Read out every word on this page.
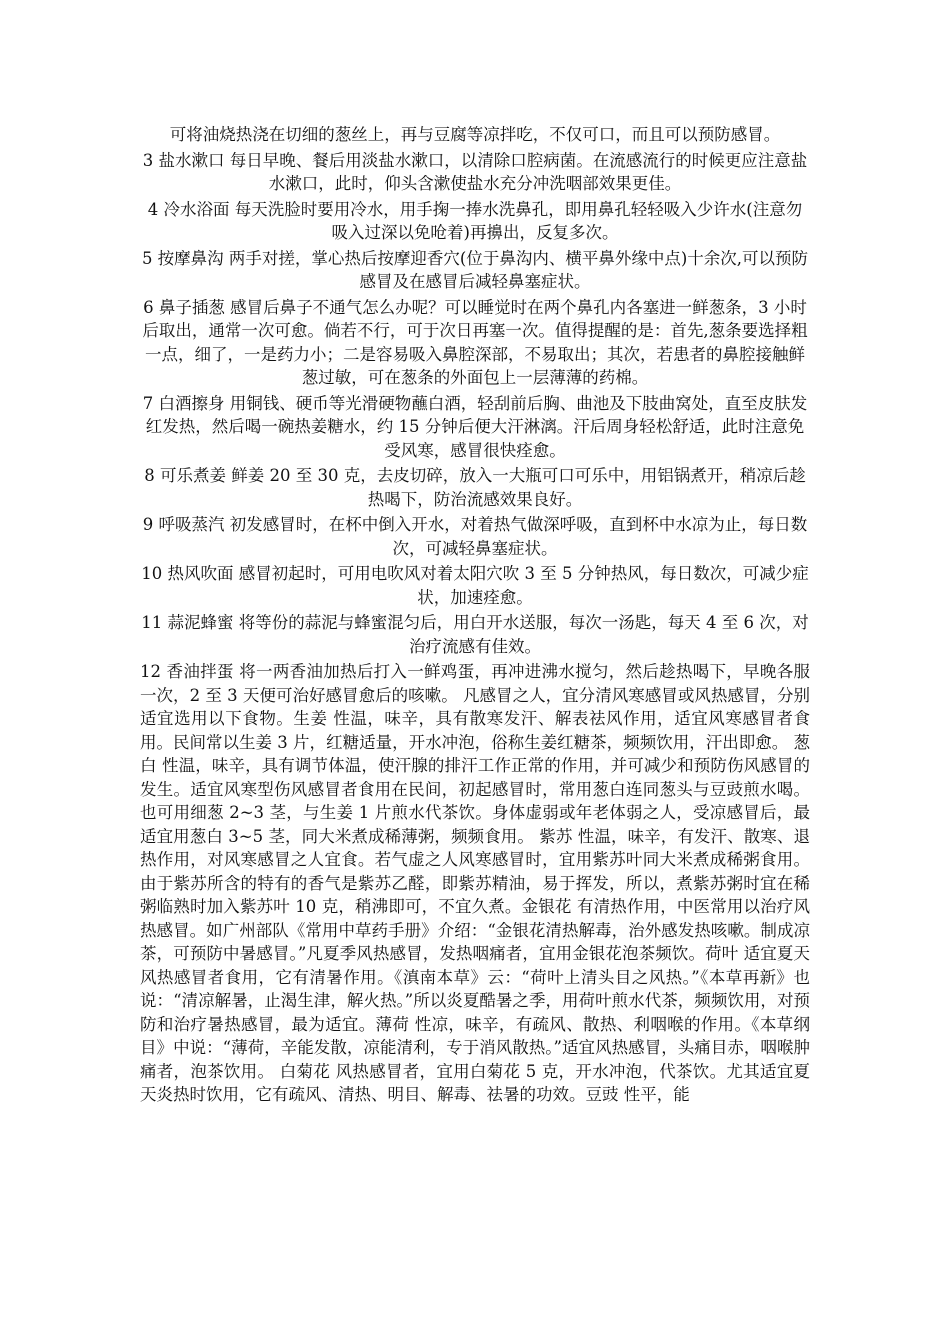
可将油烧热浇在切细的葱丝上，再与豆腐等凉拌吃，不仅可口，而且可以预防感冒。

3 盐水漱口 每日早晚、餐后用淡盐水漱口，以清除口腔病菌。在流感流行的时候更应注意盐水漱口，此时，仰头含漱使盐水充分冲洗咽部效果更佳。

4 冷水浴面 每天洗脸时要用冷水，用手掬一捧水洗鼻孔，即用鼻孔轻轻吸入少许水(注意勿吸入过深以免呛着)再擤出，反复多次。

5 按摩鼻沟 两手对搓，掌心热后按摩迎香穴(位于鼻沟内、横平鼻外缘中点)十余次,可以预防感冒及在感冒后减轻鼻塞症状。

6 鼻子插葱 感冒后鼻子不通气怎么办呢？可以睡觉时在两个鼻孔内各塞进一鲜葱条，3 小时后取出，通常一次可愈。倘若不行，可于次日再塞一次。值得提醒的是：首先,葱条要选择粗一点，细了，一是药力小；二是容易吸入鼻腔深部，不易取出；其次，若患者的鼻腔接触鲜葱过敏，可在葱条的外面包上一层薄薄的药棉。

7 白酒擦身 用铜钱、硬币等光滑硬物蘸白酒，轻刮前后胸、曲池及下肢曲窝处，直至皮肤发红发热，然后喝一碗热姜糖水，约 15 分钟后便大汗淋漓。汗后周身轻松舒适，此时注意免受风寒，感冒很快痊愈。

8 可乐煮姜 鲜姜 20 至 30 克，去皮切碎，放入一大瓶可口可乐中，用铝锅煮开，稍凉后趁热喝下，防治流感效果良好。

9 呼吸蒸汽 初发感冒时，在杯中倒入开水，对着热气做深呼吸，直到杯中水凉为止，每日数次，可减轻鼻塞症状。

10 热风吹面 感冒初起时，可用电吹风对着太阳穴吹 3 至 5 分钟热风，每日数次，可减少症状，加速痊愈。

11 蒜泥蜂蜜 将等份的蒜泥与蜂蜜混匀后，用白开水送服，每次一汤匙，每天 4 至 6 次，对治疗流感有佳效。

12 香油拌蛋 将一两香油加热后打入一鲜鸡蛋，再冲进沸水搅匀，然后趁热喝下，早晚各服一次，2 至 3 天便可治好感冒愈后的咳嗽。 凡感冒之人，宜分清风寒感冒或风热感冒，分别适宜选用以下食物。生姜 性温，味辛，具有散寒发汗、解表祛风作用，适宜风寒感冒者食用。民间常以生姜 3 片，红糖适量，开水冲泡，俗称生姜红糖茶，频频饮用，汗出即愈。 葱白 性温，味辛，具有调节体温，使汗腺的排汗工作正常的作用，并可减少和预防伤风感冒的发生。适宜风寒型伤风感冒者食用在民间，初起感冒时，常用葱白连同葱头与豆豉煎水喝。也可用细葱 2~3 茎，与生姜 1 片煎水代茶饮。身体虚弱或年老体弱之人，受凉感冒后，最适宜用葱白 3~5 茎，同大米煮成稀薄粥，频频食用。 紫苏 性温，味辛，有发汗、散寒、退热作用，对风寒感冒之人宜食。若气虚之人风寒感冒时，宜用紫苏叶同大米煮成稀粥食用。由于紫苏所含的特有的香气是紫苏乙醛，即紫苏精油，易于挥发，所以，煮紫苏粥时宜在稀粥临熟时加入紫苏叶 10 克，稍沸即可，不宜久煮。金银花 有清热作用，中医常用以治疗风热感冒。如广州部队《常用中草药手册》介绍：“金银花清热解毒，治外感发热咳嗽。制成凉茶，可预防中暑感冒。”凡夏季风热感冒，发热咽痛者，宜用金银花泡茶频饮。荷叶 适宜夏天风热感冒者食用，它有清暑作用。《滇南本草》云：“荷叶上清头目之风热。”《本草再新》也说：“清凉解暑，止渴生津，解火热。”所以炎夏酷暑之季，用荷叶煎水代茶，频频饮用，对预防和治疗暑热感冒，最为适宜。薄荷 性凉，味辛，有疏风、散热、利咽喉的作用。《本草纲目》中说：“薄荷，辛能发散，凉能清利，专于消风散热。”适宜风热感冒，头痛目赤，咽喉肿痛者，泡茶饮用。 白菊花 风热感冒者，宜用白菊花 5 克，开水冲泡，代茶饮。尤其适宜夏天炎热时饮用，它有疏风、清热、明目、解毒、祛暑的功效。豆豉 性平，能
